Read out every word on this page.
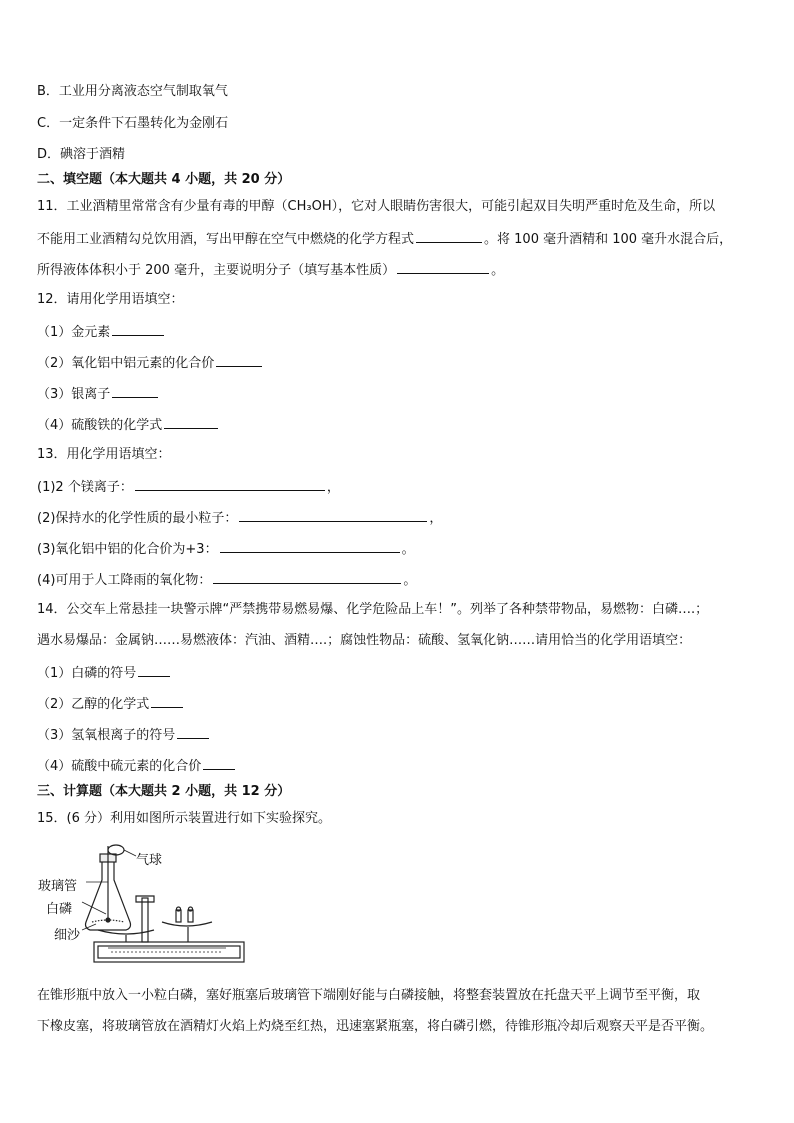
B．工业用分离液态空气制取氧气
C．一定条件下石墨转化为金刚石
D．碘溶于酒精
二、填空题（本大题共 4 小题，共 20 分）
11．工业酒精里常常含有少量有毒的甲醇（CH₃OH），它对人眼睛伤害很大，可能引起双目失明严重时危及生命，所以
不能用工业酒精勾兑饮用酒，写出甲醇在空气中燃烧的化学方程式	。将 100 毫升酒精和 100 毫升水混合后，
所得液体体积小于 200 毫升，主要说明分子（填写基本性质）	。
12．请用化学用语填空：
（1）金元素
（2）氧化铝中铝元素的化合价
（3）银离子
（4）硫酸铁的化学式
13．用化学用语填空：
(1)2 个镁离子：	，
(2)保持水的化学性质的最小粒子：	，
(3)氧化铝中铝的化合价为+3：	。
(4)可用于人工降雨的氧化物：	。
14．公交车上常悬挂一块警示牌“严禁携带易燃易爆、化学危险品上车！”。列举了各种禁带物品，易燃物：白磷….；
遇水易爆品：金属钠……易燃液体：汽油、酒精….；腐蚀性物品：硫酸、氢氧化钠……请用恰当的化学用语填空：
（1）白磷的符号
（2）乙醇的化学式
（3）氢氧根离子的符号
（4）硫酸中硫元素的化合价
三、计算题（本大题共 2 小题，共 12 分）
15．(6 分）利用如图所示装置进行如下实验探究。
气球
玻璃管
白磷
细沙
在锥形瓶中放入一小粒白磷，塞好瓶塞后玻璃管下端刚好能与白磷接触，将整套装置放在托盘天平上调节至平衡，取
下橡皮塞，将玻璃管放在酒精灯火焰上灼烧至红热，迅速塞紧瓶塞，将白磷引燃，待锥形瓶冷却后观察天平是否平衡。
